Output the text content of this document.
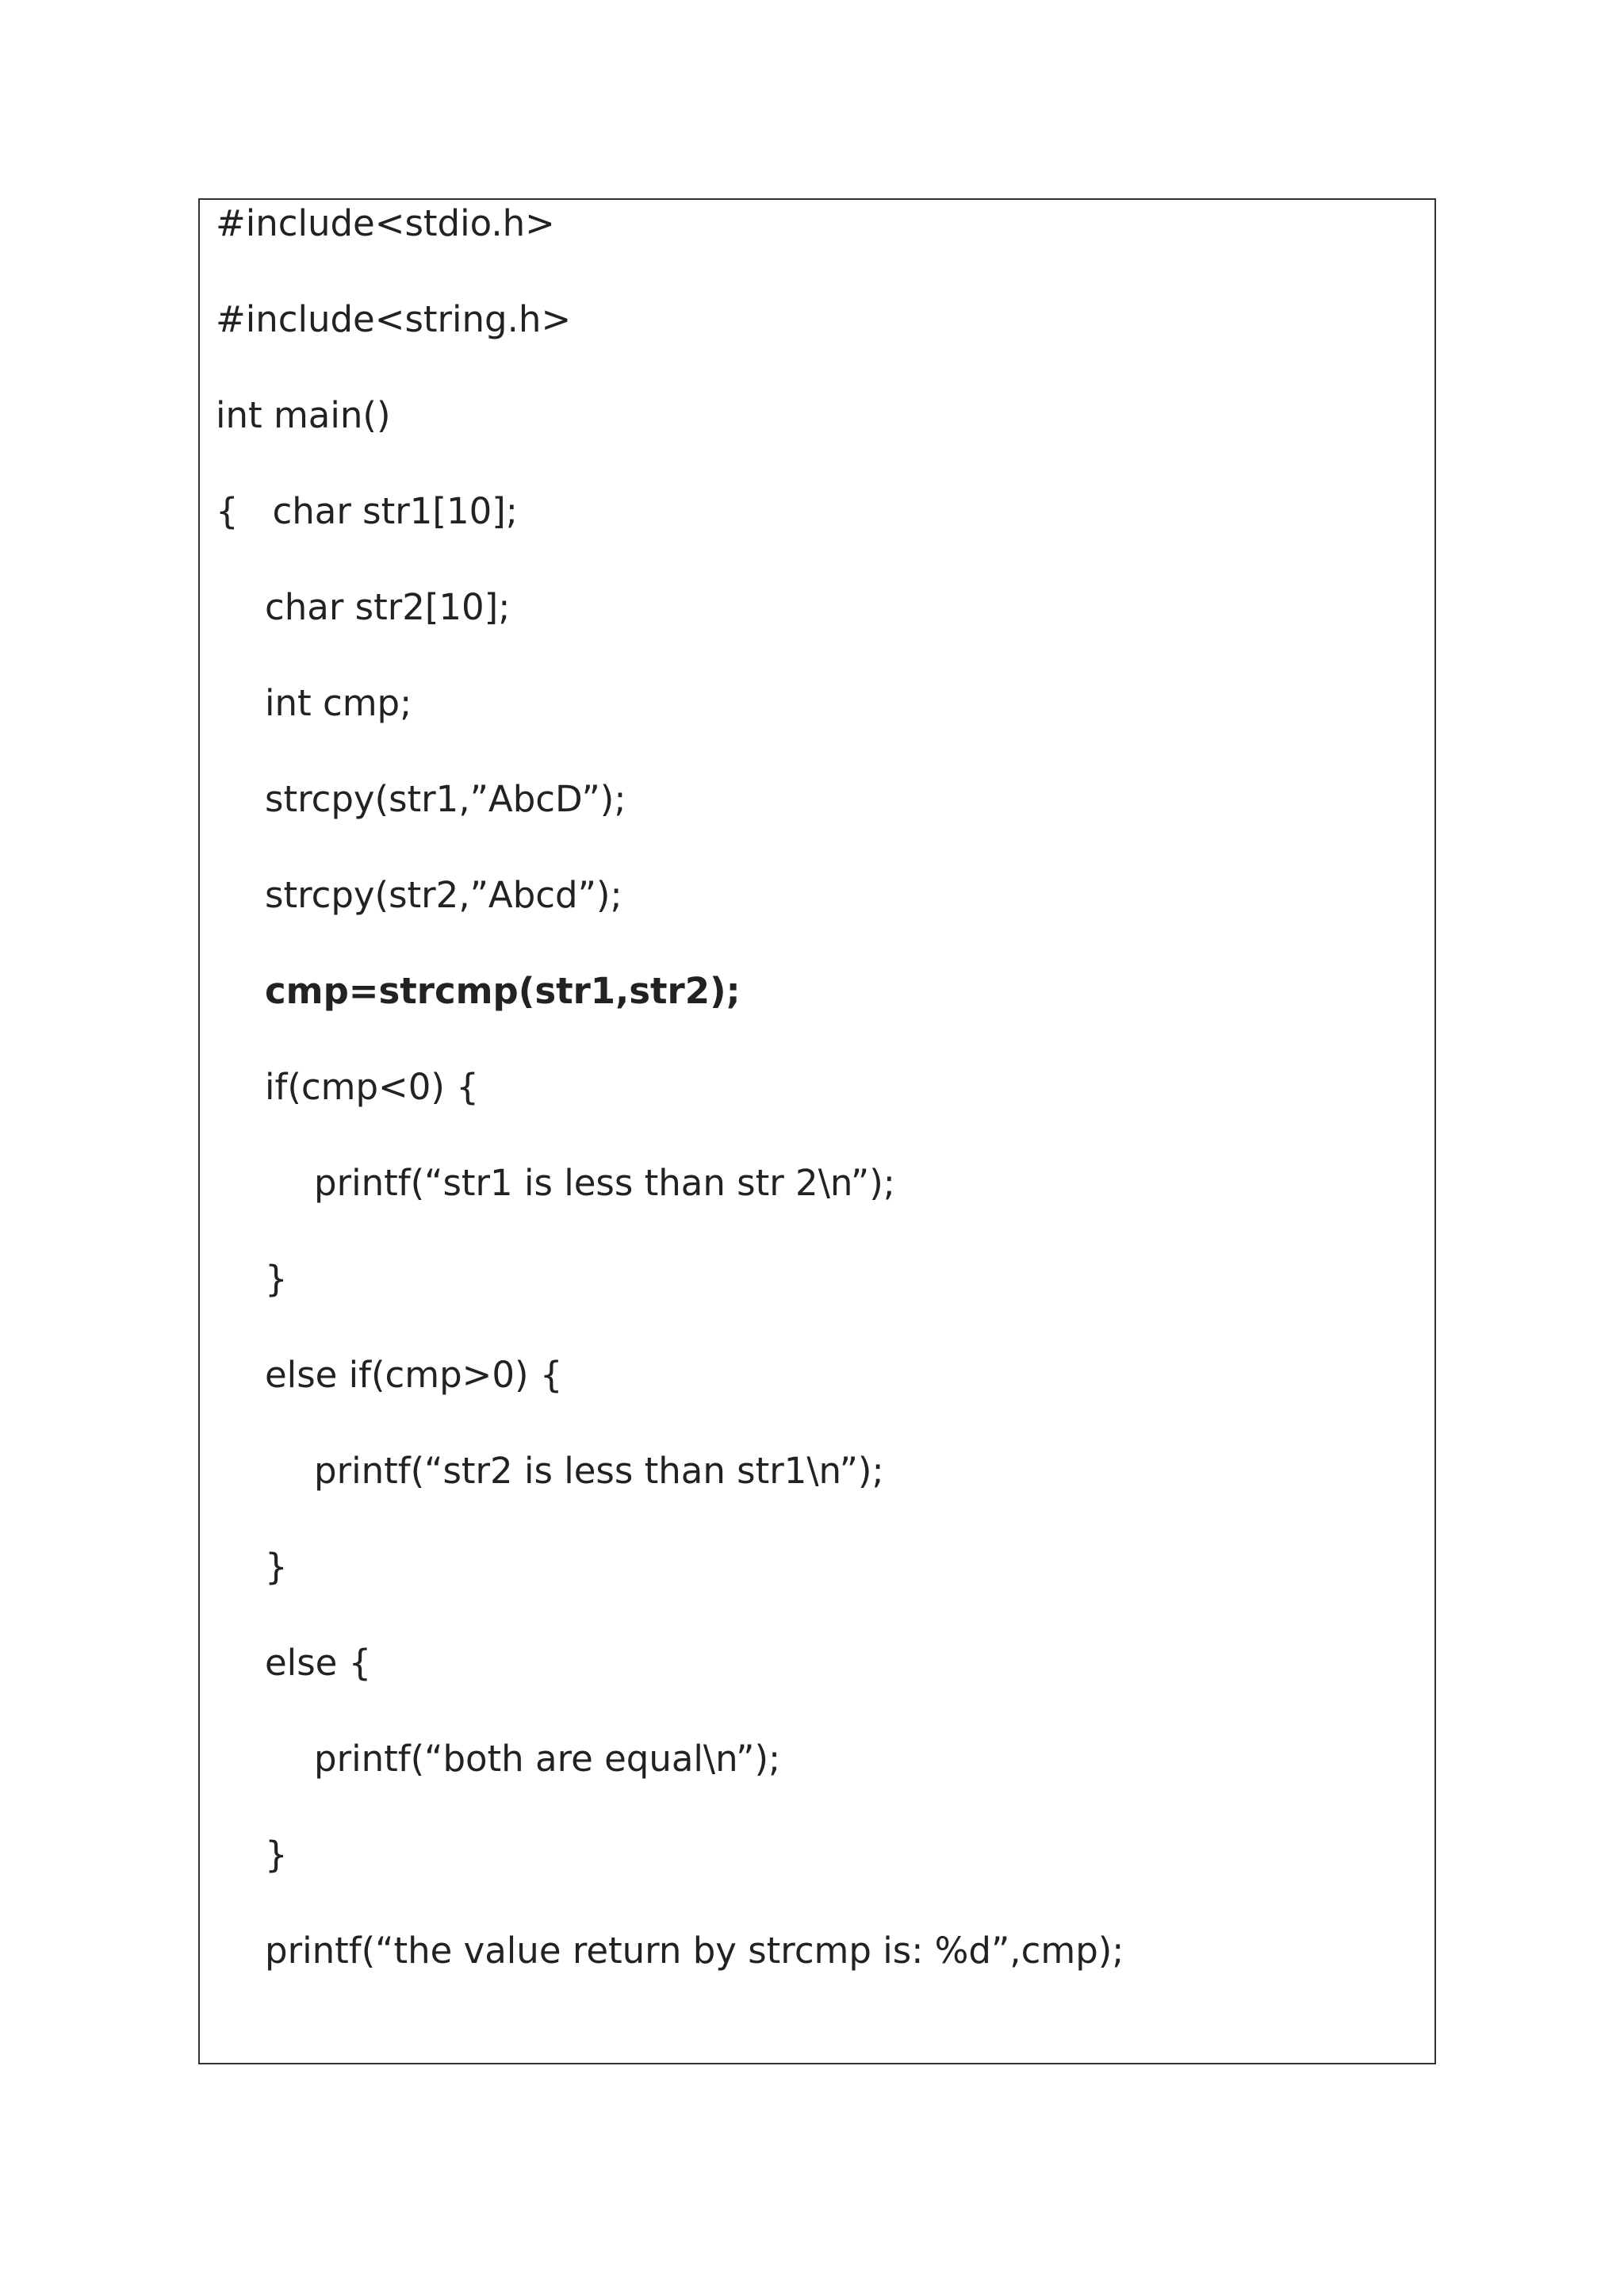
#include<stdio.h>
#include<string.h>
int main()
{   char str1[10];
char str2[10];
int cmp;
strcpy(str1,”AbcD”);
strcpy(str2,”Abcd”);
cmp=strcmp(str1,str2);
if(cmp<0) {
printf(“str1 is less than str 2\n”);
}
else if(cmp>0) {
printf(“str2 is less than str1\n”);
}
else {
printf(“both are equal\n”);
}
printf(“the value return by strcmp is: %d”,cmp);
